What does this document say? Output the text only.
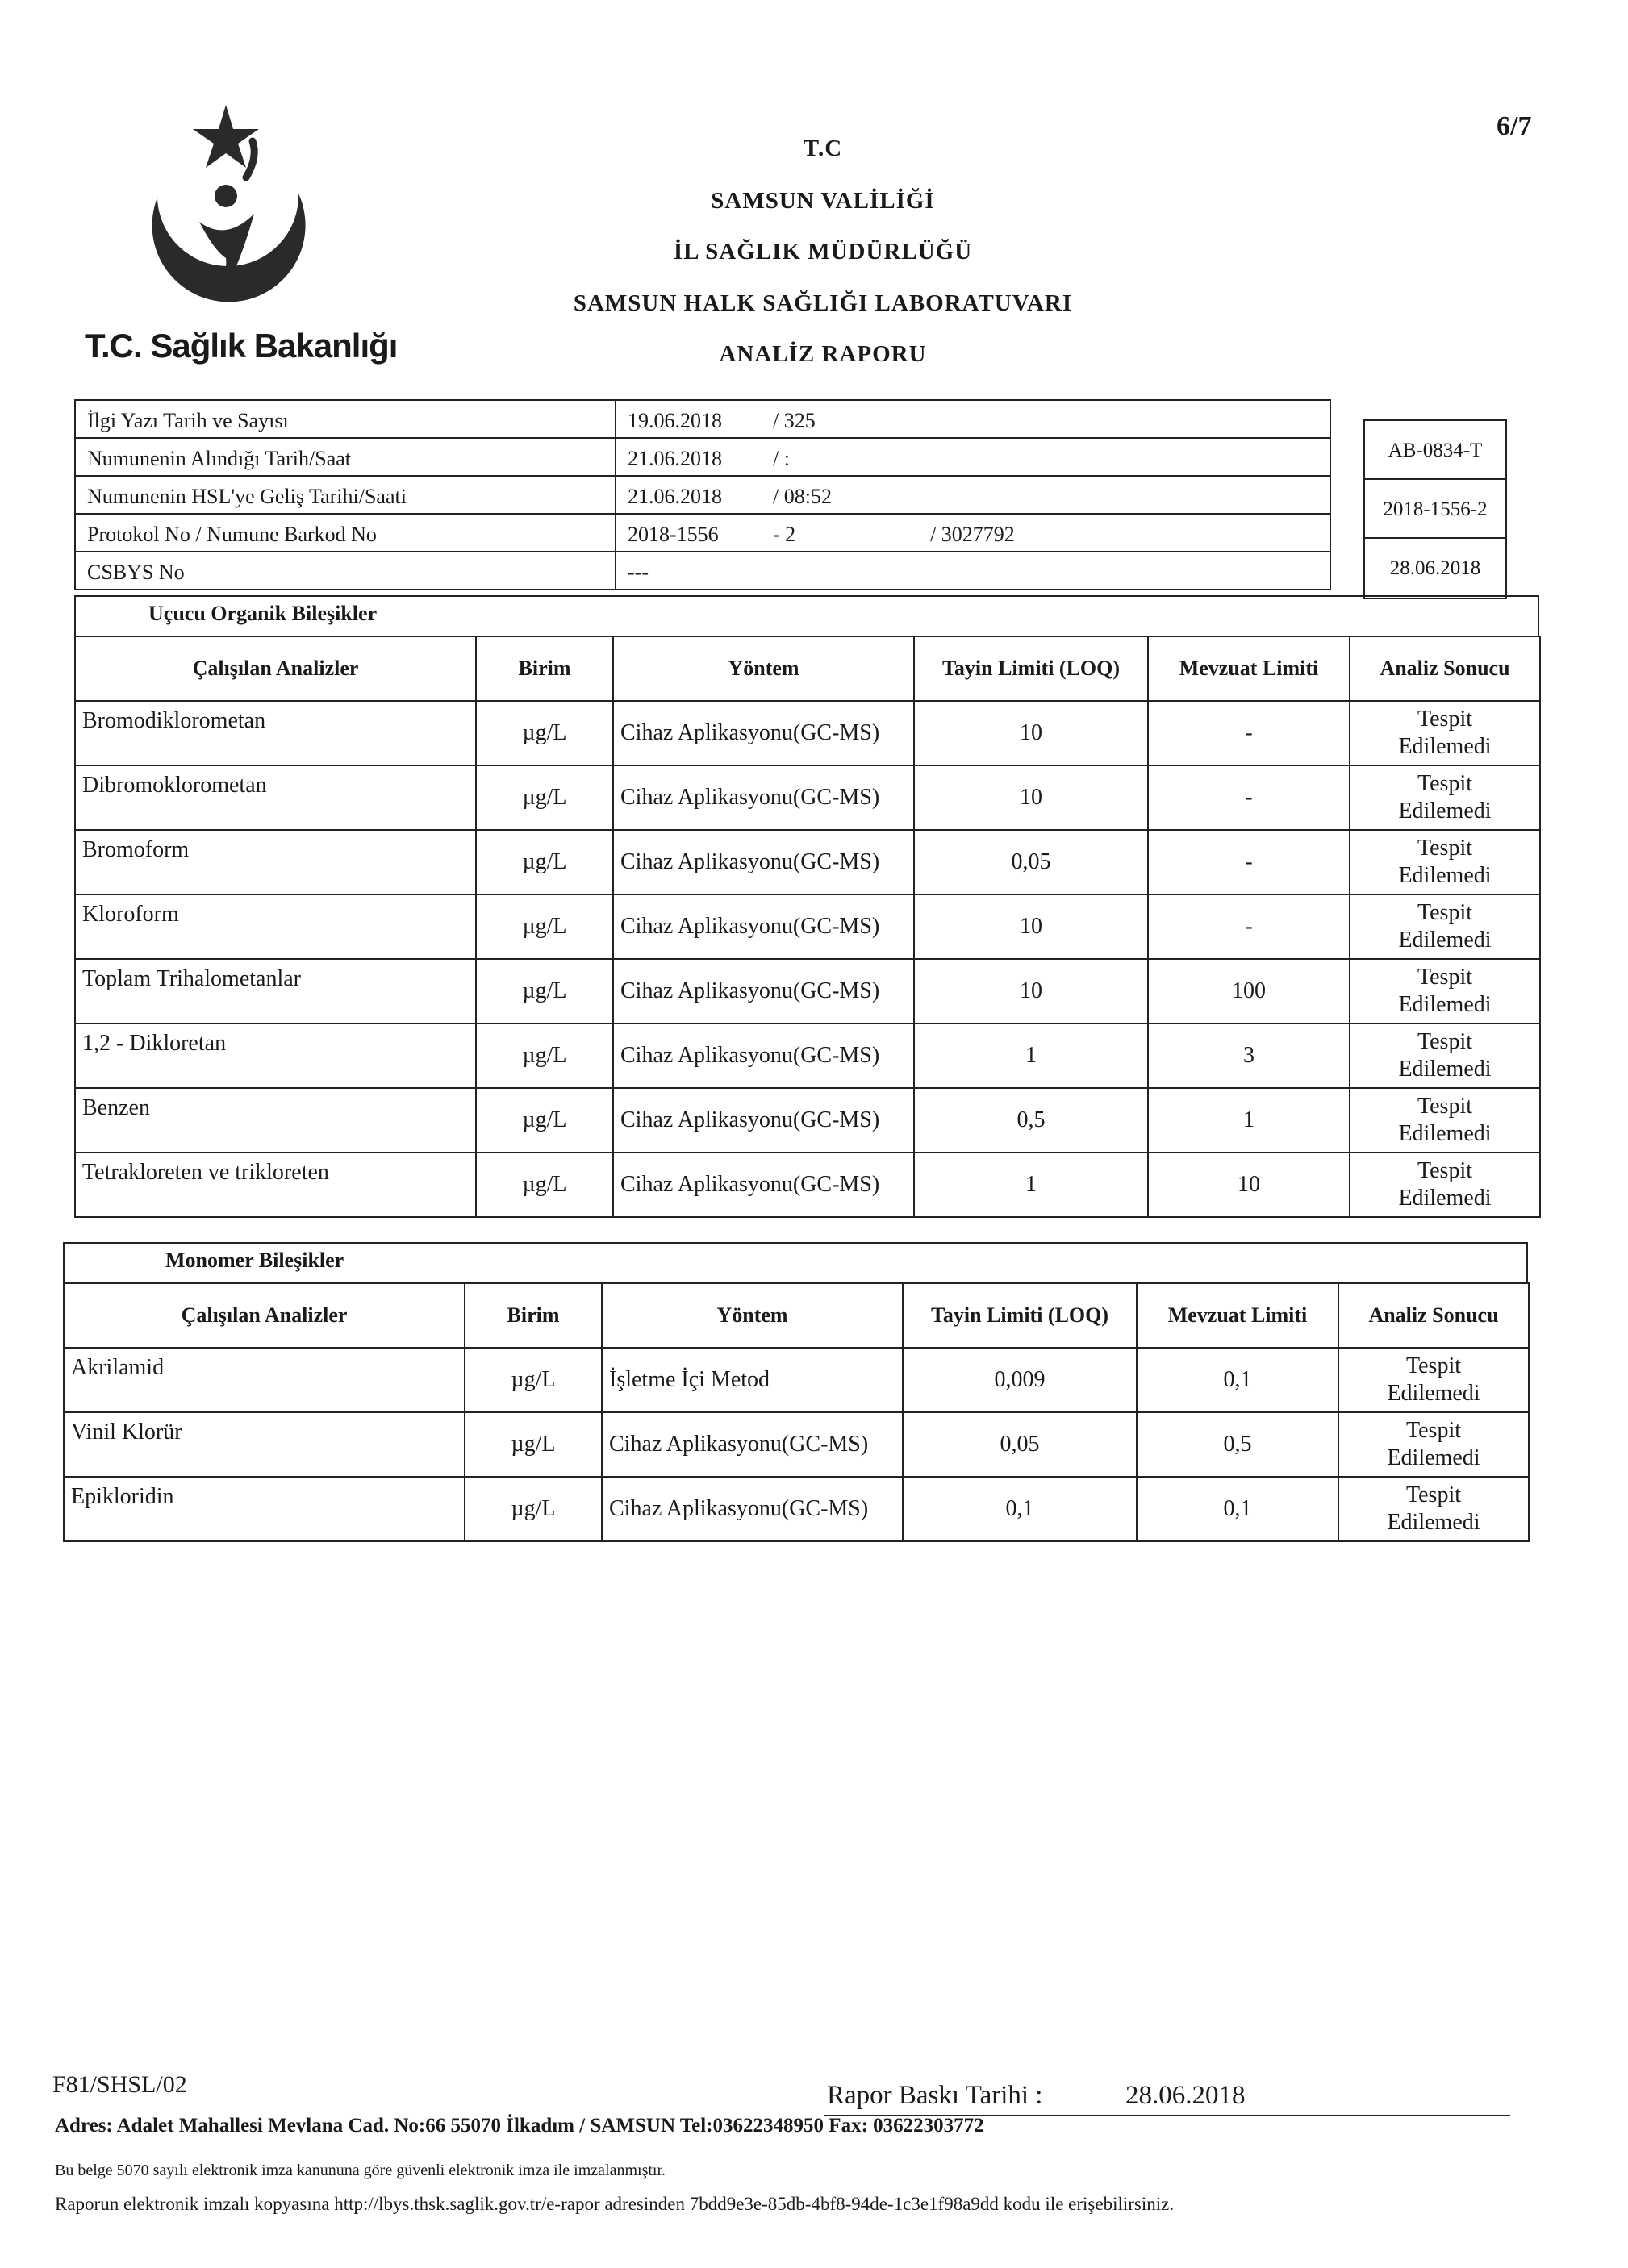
T.C. Sağlık Bakanlığı
6/7
T.C
SAMSUN VALİLİĞİ
İL SAĞLIK MÜDÜRLÜĞÜ
SAMSUN HALK SAĞLIĞI LABORATUVARI
ANALİZ RAPORU
İlgi Yazı Tarih ve Sayısı	19.06.2018 / 325
Numunenin Alındığı Tarih/Saat	21.06.2018 / :
Numunenin HSL'ye Geliş Tarihi/Saati	21.06.2018 / 08:52
Protokol No / Numune Barkod No	2018-1556 - 2 / 3027792
CSBYS No	---
AB-0834-T
2018-1556-2
28.06.2018
Uçucu Organik Bileşikler
Çalışılan Analizler	Birim	Yöntem	Tayin Limiti (LOQ)	Mevzuat Limiti	Analiz Sonucu
Bromodiklorometan	µg/L	Cihaz Aplikasyonu(GC-MS)	10	-	Tespit
Edilemedi

Dibromoklorometan	µg/L	Cihaz Aplikasyonu(GC-MS)	10	-	Tespit
Edilemedi

Bromoform	µg/L	Cihaz Aplikasyonu(GC-MS)	0,05	-	Tespit
Edilemedi

Kloroform	µg/L	Cihaz Aplikasyonu(GC-MS)	10	-	Tespit
Edilemedi

Toplam Trihalometanlar	µg/L	Cihaz Aplikasyonu(GC-MS)	10	100	Tespit
Edilemedi

1,2 - Dikloretan	µg/L	Cihaz Aplikasyonu(GC-MS)	1	3	Tespit
Edilemedi

Benzen	µg/L	Cihaz Aplikasyonu(GC-MS)	0,5	1	Tespit
Edilemedi

Tetrakloreten ve trikloreten	µg/L	Cihaz Aplikasyonu(GC-MS)	1	10	Tespit
Edilemedi
Monomer Bileşikler
Çalışılan Analizler	Birim	Yöntem	Tayin Limiti (LOQ)	Mevzuat Limiti	Analiz Sonucu
Akrilamid	µg/L	İşletme İçi Metod	0,009	0,1	Tespit
Edilemedi

Vinil Klorür	µg/L	Cihaz Aplikasyonu(GC-MS)	0,05	0,5	Tespit
Edilemedi

Epikloridin	µg/L	Cihaz Aplikasyonu(GC-MS)	0,1	0,1	Tespit
Edilemedi
F81/SHSL/02	Rapor Baskı Tarihi :	28.06.2018
Adres: Adalet Mahallesi Mevlana Cad. No:66 55070 İlkadım / SAMSUN Tel:03622348950 Fax: 03622303772
Bu belge 5070 sayılı elektronik imza kanununa göre güvenli elektronik imza ile imzalanmıştır.
Raporun elektronik imzalı kopyasına http://lbys.thsk.saglik.gov.tr/e-rapor adresinden 7bdd9e3e-85db-4bf8-94de-1c3e1f98a9dd kodu ile erişebilirsiniz.
